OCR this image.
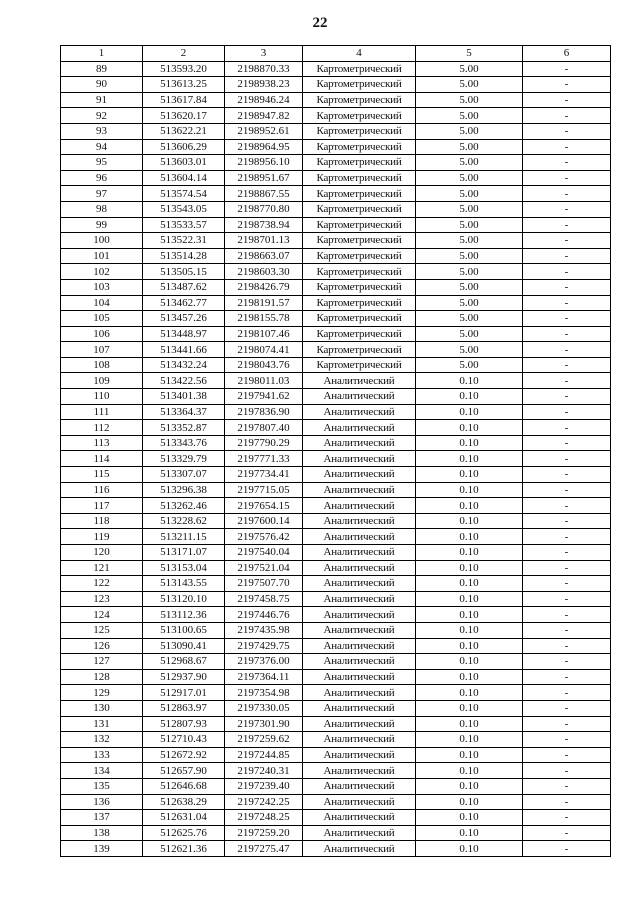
22
1	2	3	4	5	6
89	513593.20	2198870.33	Картометрический	5.00	-
90	513613.25	2198938.23	Картометрический	5.00	-
91	513617.84	2198946.24	Картометрический	5.00	-
92	513620.17	2198947.82	Картометрический	5.00	-
93	513622.21	2198952.61	Картометрический	5.00	-
94	513606.29	2198964.95	Картометрический	5.00	-
95	513603.01	2198956.10	Картометрический	5.00	-
96	513604.14	2198951.67	Картометрический	5.00	-
97	513574.54	2198867.55	Картометрический	5.00	-
98	513543.05	2198770.80	Картометрический	5.00	-
99	513533.57	2198738.94	Картометрический	5.00	-
100	513522.31	2198701.13	Картометрический	5.00	-
101	513514.28	2198663.07	Картометрический	5.00	-
102	513505.15	2198603.30	Картометрический	5.00	-
103	513487.62	2198426.79	Картометрический	5.00	-
104	513462.77	2198191.57	Картометрический	5.00	-
105	513457.26	2198155.78	Картометрический	5.00	-
106	513448.97	2198107.46	Картометрический	5.00	-
107	513441.66	2198074.41	Картометрический	5.00	-
108	513432.24	2198043.76	Картометрический	5.00	-
109	513422.56	2198011.03	Аналитический	0.10	-
110	513401.38	2197941.62	Аналитический	0.10	-
111	513364.37	2197836.90	Аналитический	0.10	-
112	513352.87	2197807.40	Аналитический	0.10	-
113	513343.76	2197790.29	Аналитический	0.10	-
114	513329.79	2197771.33	Аналитический	0.10	-
115	513307.07	2197734.41	Аналитический	0.10	-
116	513296.38	2197715.05	Аналитический	0.10	-
117	513262.46	2197654.15	Аналитический	0.10	-
118	513228.62	2197600.14	Аналитический	0.10	-
119	513211.15	2197576.42	Аналитический	0.10	-
120	513171.07	2197540.04	Аналитический	0.10	-
121	513153.04	2197521.04	Аналитический	0.10	-
122	513143.55	2197507.70	Аналитический	0.10	-
123	513120.10	2197458.75	Аналитический	0.10	-
124	513112.36	2197446.76	Аналитический	0.10	-
125	513100.65	2197435.98	Аналитический	0.10	-
126	513090.41	2197429.75	Аналитический	0.10	-
127	512968.67	2197376.00	Аналитический	0.10	-
128	512937.90	2197364.11	Аналитический	0.10	-
129	512917.01	2197354.98	Аналитический	0.10	-
130	512863.97	2197330.05	Аналитический	0.10	-
131	512807.93	2197301.90	Аналитический	0.10	-
132	512710.43	2197259.62	Аналитический	0.10	-
133	512672.92	2197244.85	Аналитический	0.10	-
134	512657.90	2197240.31	Аналитический	0.10	-
135	512646.68	2197239.40	Аналитический	0.10	-
136	512638.29	2197242.25	Аналитический	0.10	-
137	512631.04	2197248.25	Аналитический	0.10	-
138	512625.76	2197259.20	Аналитический	0.10	-
139	512621.36	2197275.47	Аналитический	0.10	-
